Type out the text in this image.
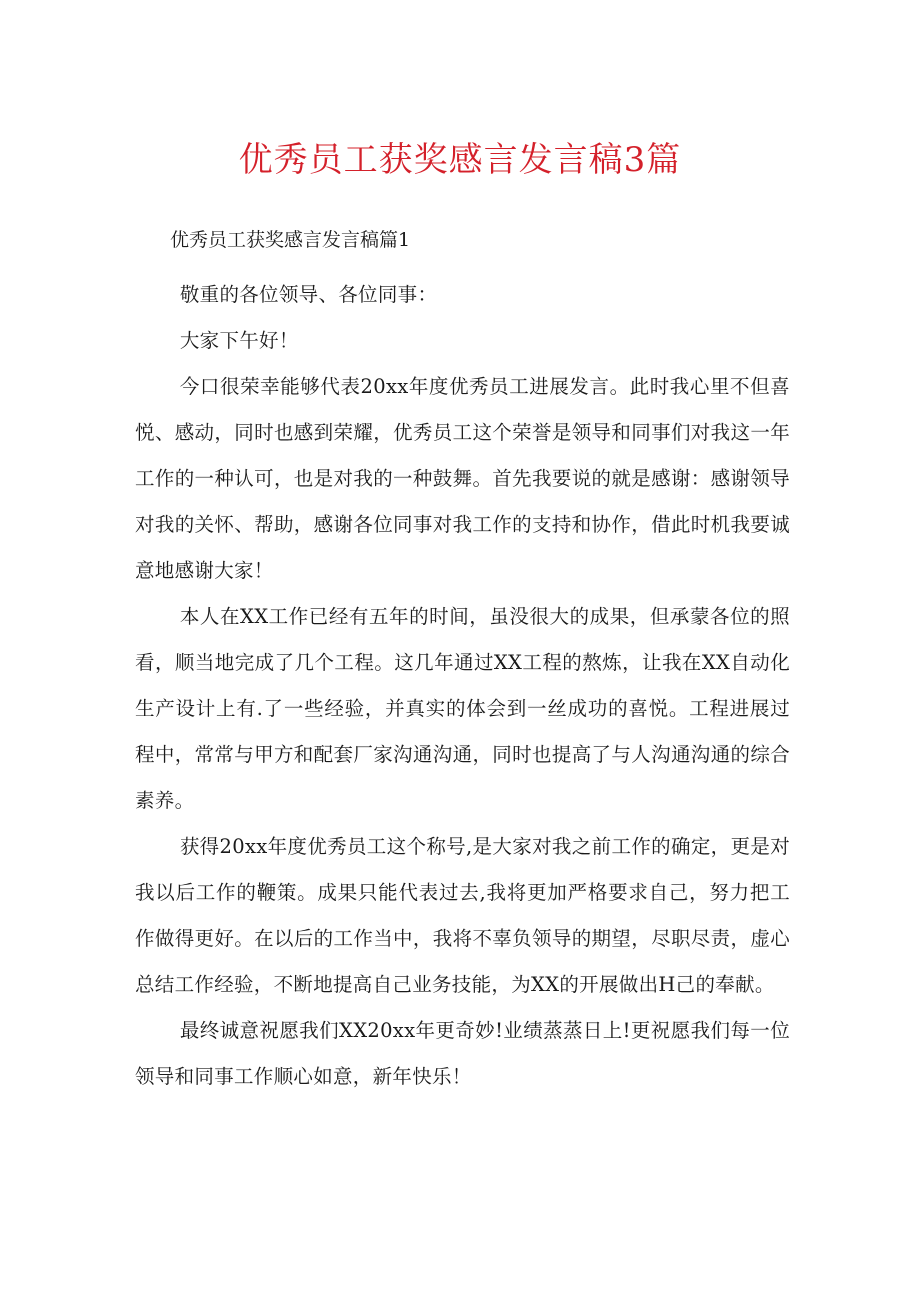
优秀员工获奖感言发言稿3篇
优秀员工获奖感言发言稿篇1

敬重的各位领导、各位同事：

大家下午好！

今口很荣幸能够代表20xx年度优秀员工进展发言。此时我心里不但喜悦、感动，同时也感到荣耀，优秀员工这个荣誉是领导和同事们对我这一年工作的一种认可，也是对我的一种鼓舞。首先我要说的就是感谢：感谢领导对我的关怀、帮助，感谢各位同事对我工作的支持和协作，借此时机我要诚意地感谢大家！

本人在XX工作已经有五年的时间，虽没很大的成果，但承蒙各位的照看，顺当地完成了几个工程。这几年通过XX工程的熬炼，让我在XX自动化生产设计上有.了一些经验，并真实的体会到一丝成功的喜悦。工程进展过程中，常常与甲方和配套厂家沟通沟通，同时也提高了与人沟通沟通的综合素养。

获得20xx年度优秀员工这个称号,是大家对我之前工作的确定，更是对我以后工作的鞭策。成果只能代表过去,我将更加严格要求自己，努力把工作做得更好。在以后的工作当中，我将不辜负领导的期望，尽职尽责，虚心总结工作经验，不断地提高自己业务技能，为XX的开展做出H己的奉献。

最终诚意祝愿我们XX20xx年更奇妙!业绩蒸蒸日上!更祝愿我们每一位领导和同事工作顺心如意，新年快乐！
